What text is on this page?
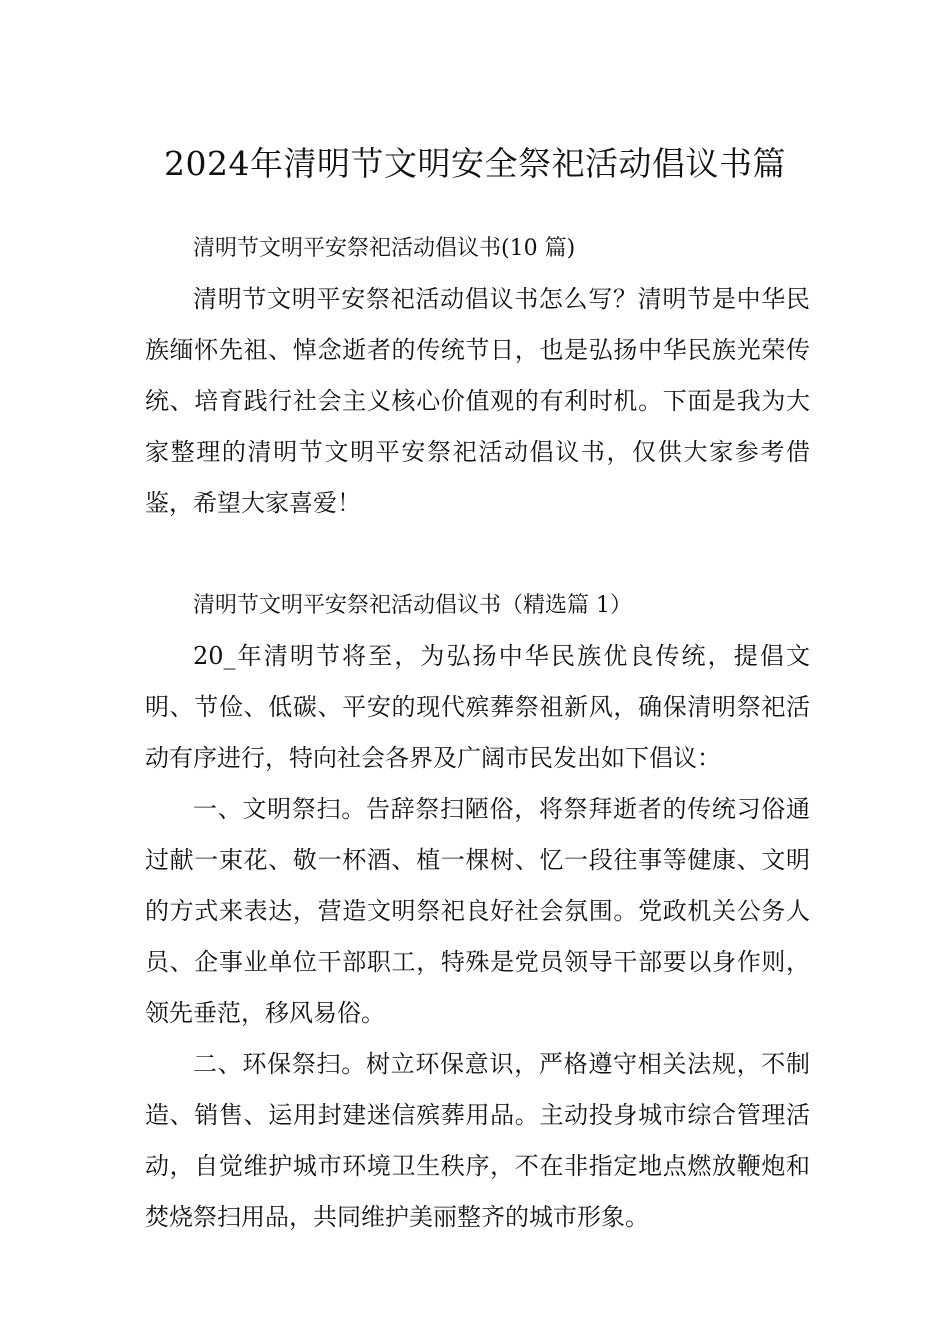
2024年清明节文明安全祭祀活动倡议书篇

清明节文明平安祭祀活动倡议书(10 篇)

清明节文明平安祭祀活动倡议书怎么写？清明节是中华民族缅怀先祖、悼念逝者的传统节日，也是弘扬中华民族光荣传统、培育践行社会主义核心价值观的有利时机。下面是我为大家整理的清明节文明平安祭祀活动倡议书，仅供大家参考借鉴，希望大家喜爱！

清明节文明平安祭祀活动倡议书（精选篇 1）

20_年清明节将至，为弘扬中华民族优良传统，提倡文明、节俭、低碳、平安的现代殡葬祭祖新风，确保清明祭祀活动有序进行，特向社会各界及广阔市民发出如下倡议：

一、文明祭扫。告辞祭扫陋俗，将祭拜逝者的传统习俗通过献一束花、敬一杯酒、植一棵树、忆一段往事等健康、文明的方式来表达，营造文明祭祀良好社会氛围。党政机关公务人员、企事业单位干部职工，特殊是党员领导干部要以身作则，领先垂范，移风易俗。

二、环保祭扫。树立环保意识，严格遵守相关法规，不制造、销售、运用封建迷信殡葬用品。主动投身城市综合管理活动，自觉维护城市环境卫生秩序，不在非指定地点燃放鞭炮和焚烧祭扫用品，共同维护美丽整齐的城市形象。
